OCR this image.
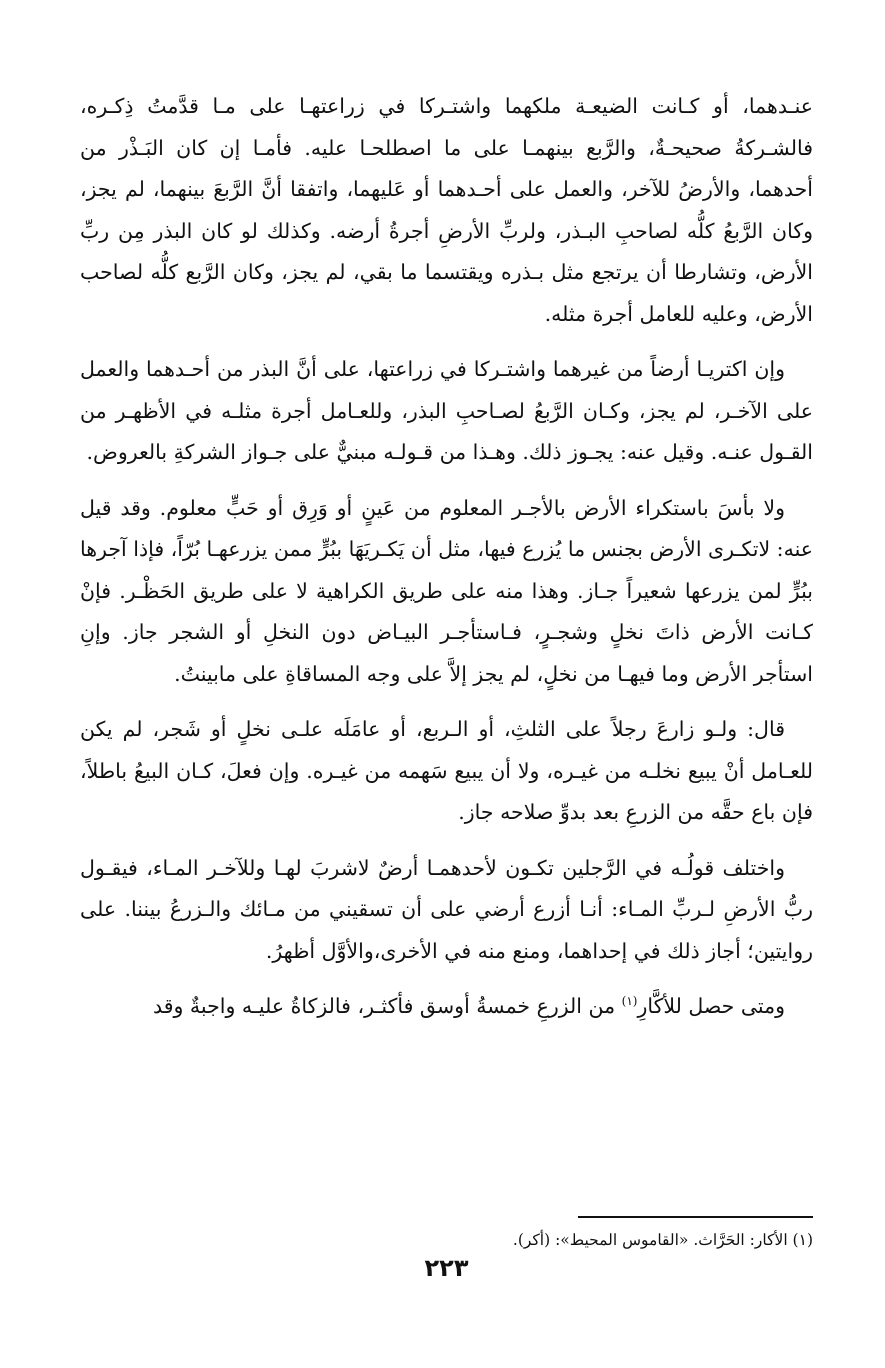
عنـدهما، أو كـانت الضيعـة ملكهما واشتـركا في زراعتهـا على مـا قدَّمتُ ذِكـره، فالشـركةُ صحيحـةٌ، والرَّبع بينهمـا على ما اصطلحـا عليه. فأمـا إن كان البَـذْر من أحدهما، والأرضُ للآخر، والعمل على أحـدهما أو عَليهما، واتفقا أنَّ الرَّبعَ بينهما، لم يجز، وكان الرَّبعُ كلُّه لصاحبِ البـذر، ولربِّ الأرضِ أجرةُ أرضه. وكذلك لو كان البذر مِن ربِّ الأرض، وتشارطا أن يرتجع مثل بـذره ويقتسما ما بقي، لم يجز، وكان الرَّبع كلُّه لصاحب الأرض، وعليه للعامل أجرة مثله.

وإن اكتريـا أرضاً من غيرهما واشتـركا في زراعتها، على أنَّ البذر من أحـدهما والعمل على الآخـر، لم يجز، وكـان الرَّبعُ لصـاحبِ البذر، وللعـامل أجرة مثلـه في الأظهـر من القـول عنـه. وقيل عنه: يجـوز ذلك. وهـذا من قـولـه مبنيٌّ على جـواز الشركةِ بالعروض.

ولا بأسَ باستكراء الأرض بالأجـر المعلوم من عَينٍ أو وَرِق أو حَبٍّ معلوم. وقد قيل عنه: لاتكـرى الأرض بجنس ما يُزرع فيها، مثل أن يَكـريَهَا ببُرٍّ ممن يزرعهـا بُرّاً، فإذا آجرها ببُرٍّ لمن يزرعها شعيراً جـاز. وهذا منه على طريق الكراهية لا على طريق الحَظْـر. فإنْ كـانت الأرض ذاتَ نخلٍ وشجـرٍ، فـاستأجـر البيـاض دون النخلِ أو الشجر جاز. وإنِ استأجر الأرض وما فيهـا من نخلٍ، لم يجز إلاَّ على وجه المساقاةِ على مابينتُ.

قال: ولـو زارعَ رجلاً على الثلثِ، أو الـربع، أو عامَلَه علـى نخلٍ أو شَجر، لم يكن للعـامل أنْ يبيع نخلـه من غيـره، ولا أن يبيع سَهمه من غيـره. وإن فعلَ، كـان البيعُ باطلاً، فإن باع حقَّه من الزرعِ بعد بدوِّ صلاحه جاز.

واختلف قولُـه في الرَّجلين تكـون لأحدهمـا أرضٌ لاشربَ لهـا وللآخـر المـاء، فيقـول ربُّ الأرضِ لـربِّ المـاء: أنـا أزرع أرضي على أن تسقيني من مـائك والـزرعُ بيننا. على روايتين؛ أجاز ذلك في إحداهما، ومنع منه في الأخرى،والأوَّل أظهرُ.

ومتى حصل للأكَّارِ$^{(١)}$ من الزرعِ خمسةُ أوسق فأكثـر، فالزكاةُ عليـه واجبةٌ وقد

(١) الأكار: الحَرَّاث. «القاموس المحيط»: (أكر).
٢٢٣
